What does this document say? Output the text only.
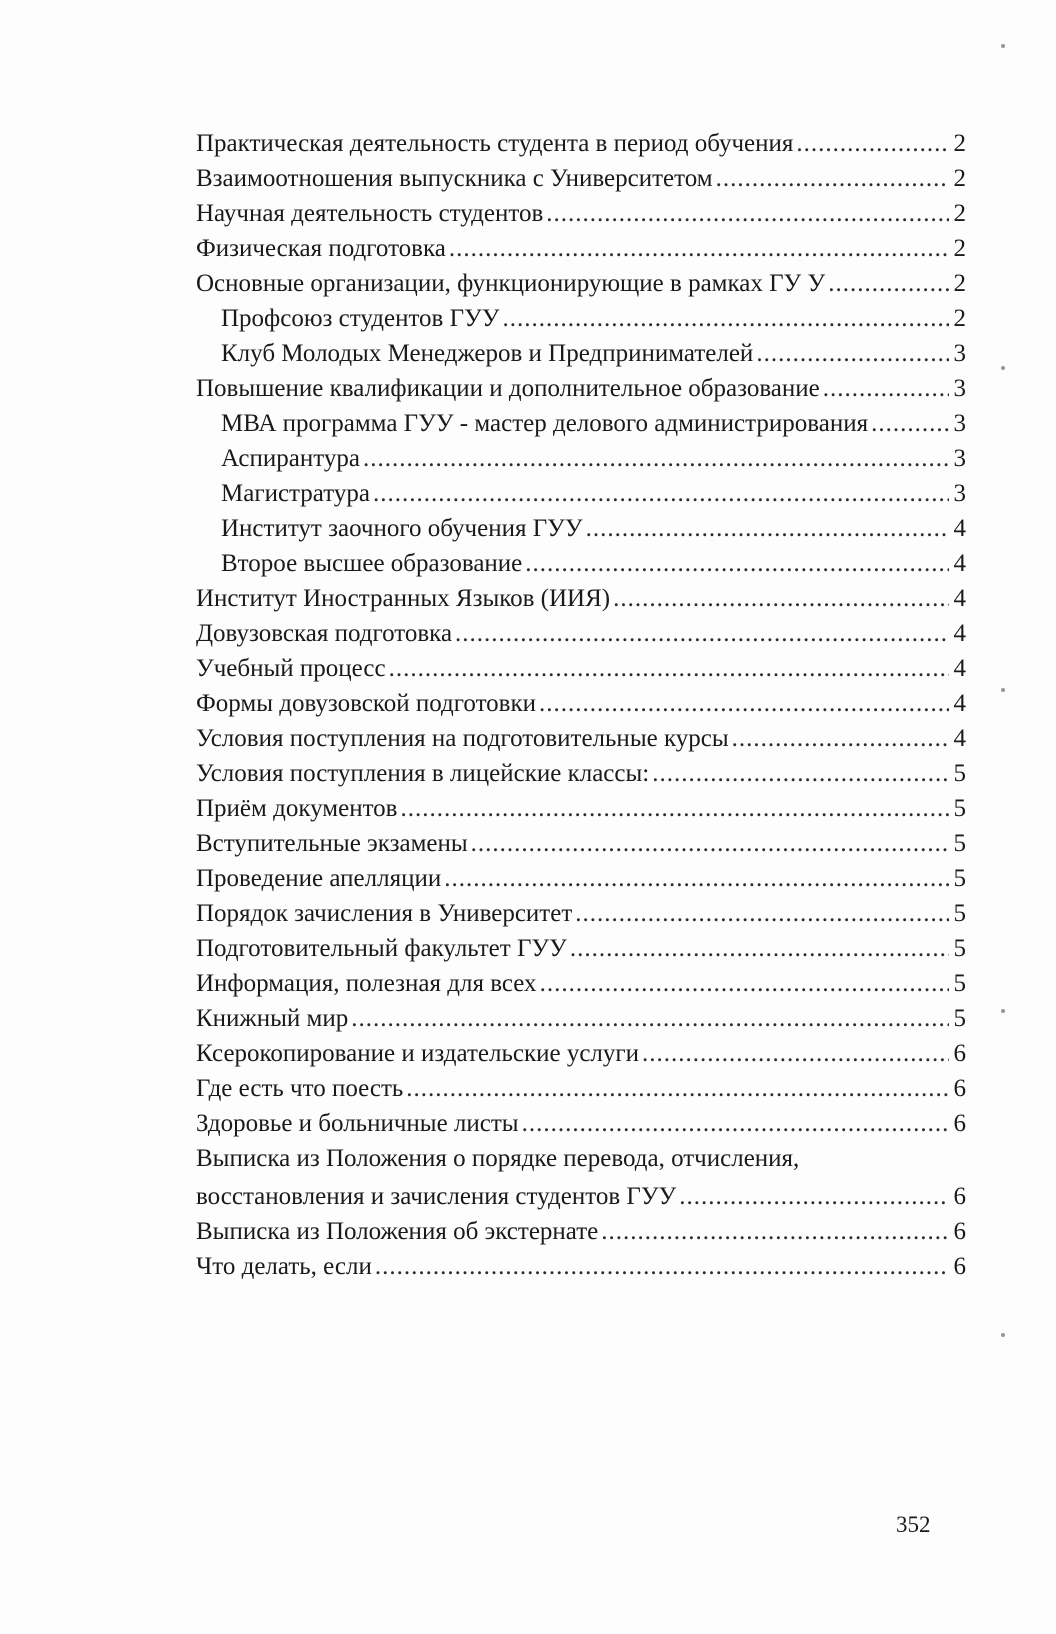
Практическая деятельность студента в период обучения .....	2
Взаимоотношения выпускника с Университетом .....	2
Научная деятельность студентов .....	2
Физическая подготовка .....	2
Основные организации, функционирующие в рамках ГУ У .....	2
Профсоюз студентов ГУУ .....	2
Клуб Молодых Менеджеров и Предпринимателей .....	3
Повышение квалификации и дополнительное образование .....	3
МВА программа ГУУ - мастер делового администрирования .....	3
Аспирантура .....	3
Магистратура .....	3
Институт заочного обучения ГУУ .....	4
Второе высшее образование .....	4
Институт Иностранных Языков (ИИЯ) .....	4
Довузовская подготовка .....	4
Учебный процесс .....	4
Формы довузовской подготовки .....	4
Условия поступления на подготовительные курсы .....	4
Условия поступления в лицейские классы: .....	5
Приём документов .....	5
Вступительные экзамены .....	5
Проведение апелляции .....	5
Порядок зачисления в Университет .....	5
Подготовительный факультет ГУУ .....	5
Информация, полезная для всех .....	5
Книжный мир .....	5
Ксерокопирование и издательские услуги .....	6
Где есть что поесть .....	6
Здоровье и больничные листы .....	6
Выписка из Положения о порядке перевода, отчисления,
восстановления и зачисления студентов ГУУ .....	6
Выписка из Положения об экстернате .....	6
Что делать, если .....	6
352
